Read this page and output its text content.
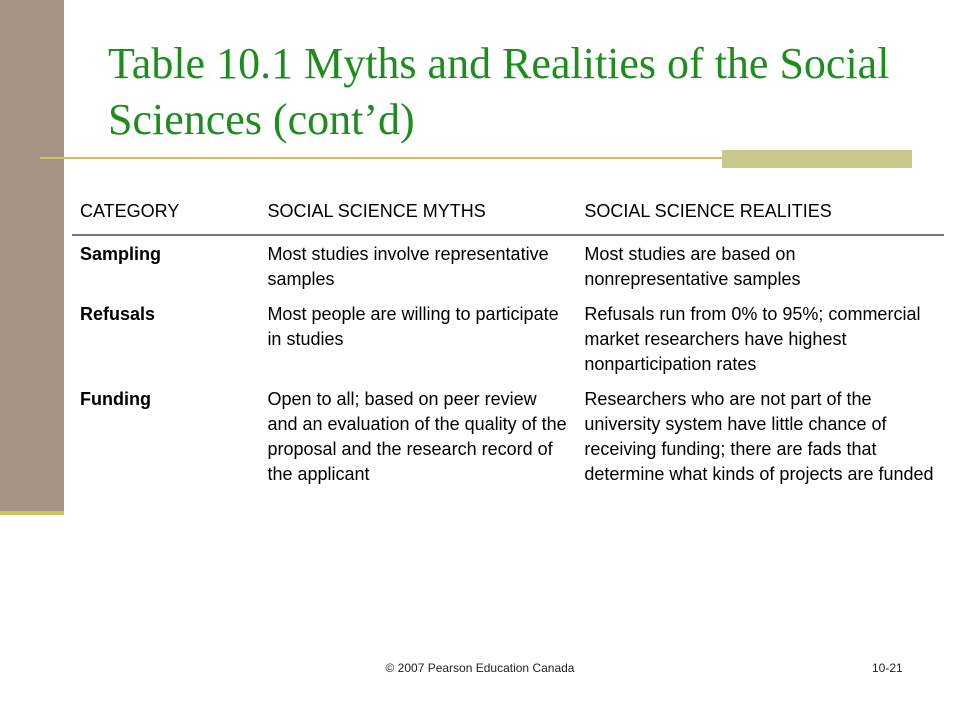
Table 10.1 Myths and Realities of the Social Sciences (cont’d)
CATEGORY	SOCIAL SCIENCE MYTHS	SOCIAL SCIENCE REALITIES
Sampling	Most studies involve representative samples	Most studies are based on nonrepresentative samples
Refusals	Most people are willing to participate in studies	Refusals run from 0% to 95%; commercial market researchers have highest nonparticipation rates
Funding	Open to all; based on peer review and an evaluation of the quality of the proposal and the research record of the applicant	Researchers who are not part of the university system have little chance of receiving funding; there are fads that determine what kinds of projects are funded
© 2007 Pearson Education Canada	10-21
